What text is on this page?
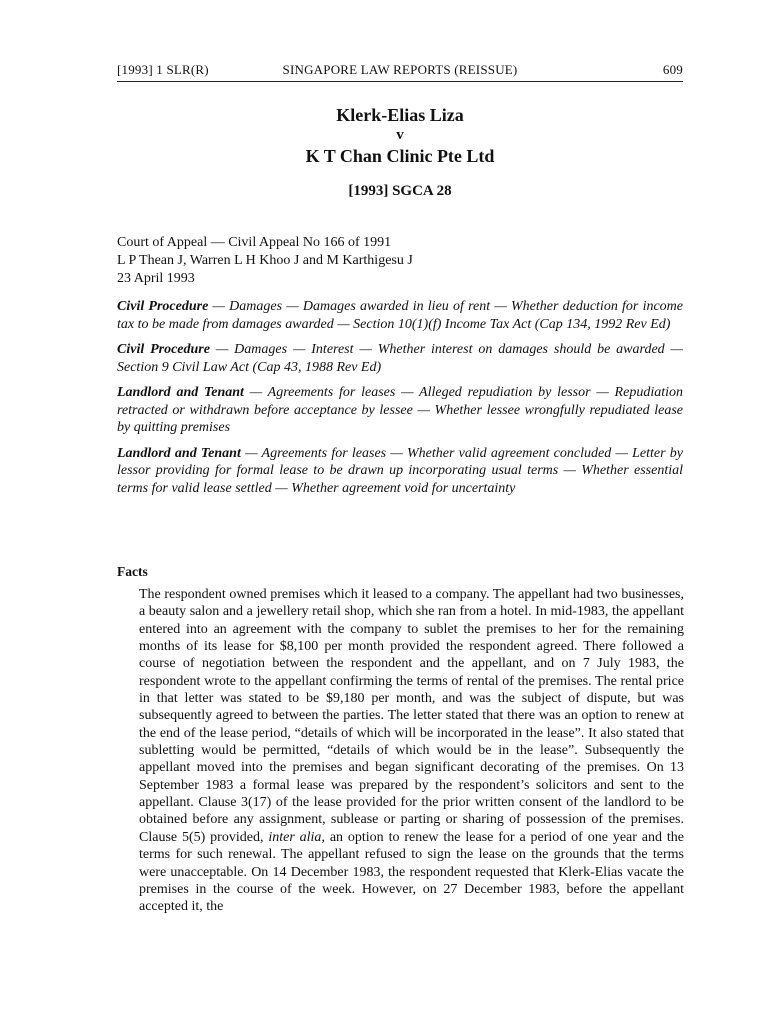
[1993] 1 SLR(R)	SINGAPORE LAW REPORTS (REISSUE)	609
Klerk-Elias Liza
v
K T Chan Clinic Pte Ltd
[1993] SGCA 28
Court of Appeal — Civil Appeal No 166 of 1991
L P Thean J, Warren L H Khoo J and M Karthigesu J
23 April 1993

Civil Procedure — Damages — Damages awarded in lieu of rent — Whether deduction for income tax to be made from damages awarded — Section 10(1)(f) Income Tax Act (Cap 134, 1992 Rev Ed)

Civil Procedure — Damages — Interest — Whether interest on damages should be awarded — Section 9 Civil Law Act (Cap 43, 1988 Rev Ed)

Landlord and Tenant — Agreements for leases — Alleged repudiation by lessor — Repudiation retracted or withdrawn before acceptance by lessee — Whether lessee wrongfully repudiated lease by quitting premises

Landlord and Tenant — Agreements for leases — Whether valid agreement concluded — Letter by lessor providing for formal lease to be drawn up incorporating usual terms — Whether essential terms for valid lease settled — Whether agreement void for uncertainty

Facts

The respondent owned premises which it leased to a company. The appellant had two businesses, a beauty salon and a jewellery retail shop, which she ran from a hotel. In mid-1983, the appellant entered into an agreement with the company to sublet the premises to her for the remaining months of its lease for $8,100 per month provided the respondent agreed. There followed a course of negotiation between the respondent and the appellant, and on 7 July 1983, the respondent wrote to the appellant confirming the terms of rental of the premises. The rental price in that letter was stated to be $9,180 per month, and was the subject of dispute, but was subsequently agreed to between the parties. The letter stated that there was an option to renew at the end of the lease period, “details of which will be incorporated in the lease”. It also stated that subletting would be permitted, “details of which would be in the lease”. Subsequently the appellant moved into the premises and began significant decorating of the premises. On 13 September 1983 a formal lease was prepared by the respondent’s solicitors and sent to the appellant. Clause 3(17) of the lease provided for the prior written consent of the landlord to be obtained before any assignment, sublease or parting or sharing of possession of the premises. Clause 5(5) provided, inter alia, an option to renew the lease for a period of one year and the terms for such renewal. The appellant refused to sign the lease on the grounds that the terms were unacceptable. On 14 December 1983, the respondent requested that Klerk-Elias vacate the premises in the course of the week. However, on 27 December 1983, before the appellant accepted it, the
